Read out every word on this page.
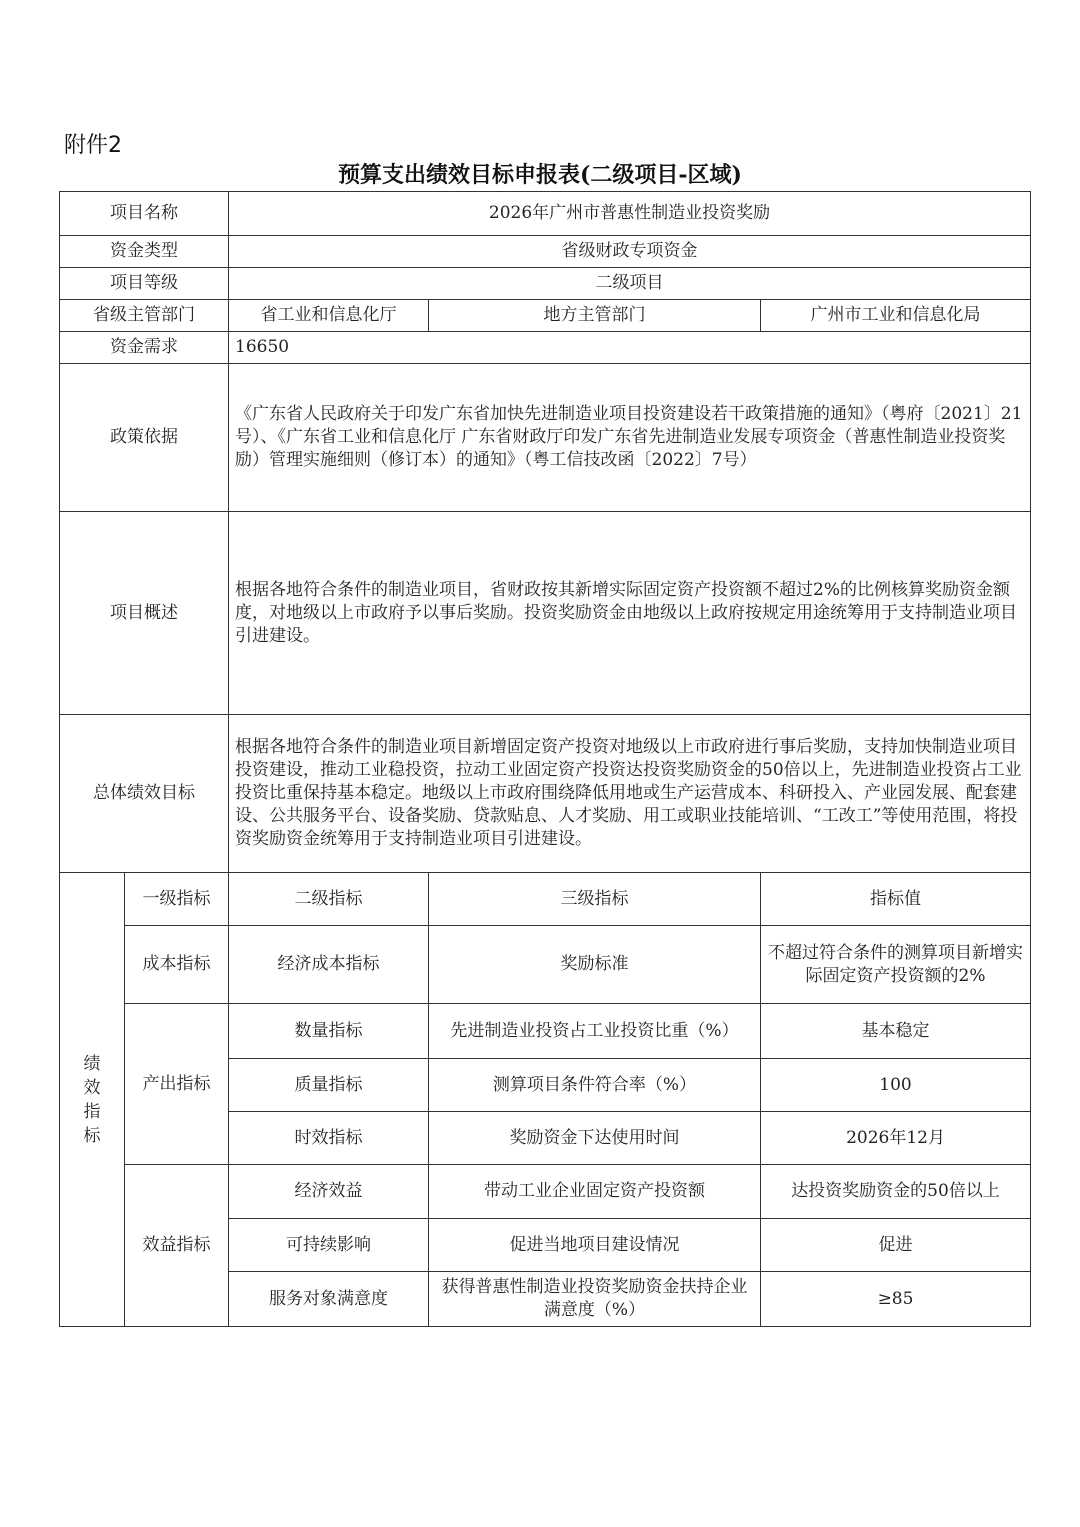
附件2
预算支出绩效目标申报表(二级项目-区域)
项目名称		2026年广州市普惠性制造业投资奖励		
资金类型		省级财政专项资金		
项目等级		二级项目		
省级主管部门		省工业和信息化厅	地方主管部门	广州市工业和信息化局
资金需求		16650		
政策依据		《广东省人民政府关于印发广东省加快先进制造业项目投资建设若干政策措施的通知》（粤府〔2021〕21号）、《广东省工业和信息化厅 广东省财政厅印发广东省先进制造业发展专项资金（普惠性制造业投资奖励）管理实施细则（修订本）的通知》（粤工信技改函〔2022〕7号）		
项目概述		根据各地符合条件的制造业项目，省财政按其新增实际固定资产投资额不超过2%的比例核算奖励资金额度，对地级以上市政府予以事后奖励。投资奖励资金由地级以上政府按规定用途统筹用于支持制造业项目引进建设。		
总体绩效目标		根据各地符合条件的制造业项目新增固定资产投资对地级以上市政府进行事后奖励，支持加快制造业项目投资建设，推动工业稳投资，拉动工业固定资产投资达投资奖励资金的50倍以上，先进制造业投资占工业投资比重保持基本稳定。地级以上市政府围绕降低用地或生产运营成本、科研投入、产业园发展、配套建设、公共服务平台、设备奖励、贷款贴息、人才奖励、用工或职业技能培训、“工改工”等使用范围，将投资奖励资金统筹用于支持制造业项目引进建设。		
绩效指标	一级指标	二级指标	三级指标	指标值
	成本指标	经济成本指标	奖励标准	不超过符合条件的测算项目新增实际固定资产投资额的2%
	产出指标	数量指标	先进制造业投资占工业投资比重（%）	基本稳定
		质量指标	测算项目条件符合率（%）	100
		时效指标	奖励资金下达使用时间	2026年12月
	效益指标	经济效益	带动工业企业固定资产投资额	达投资奖励资金的50倍以上
		可持续影响	促进当地项目建设情况	促进
		服务对象满意度	获得普惠性制造业投资奖励资金扶持企业满意度（%）	≥85
